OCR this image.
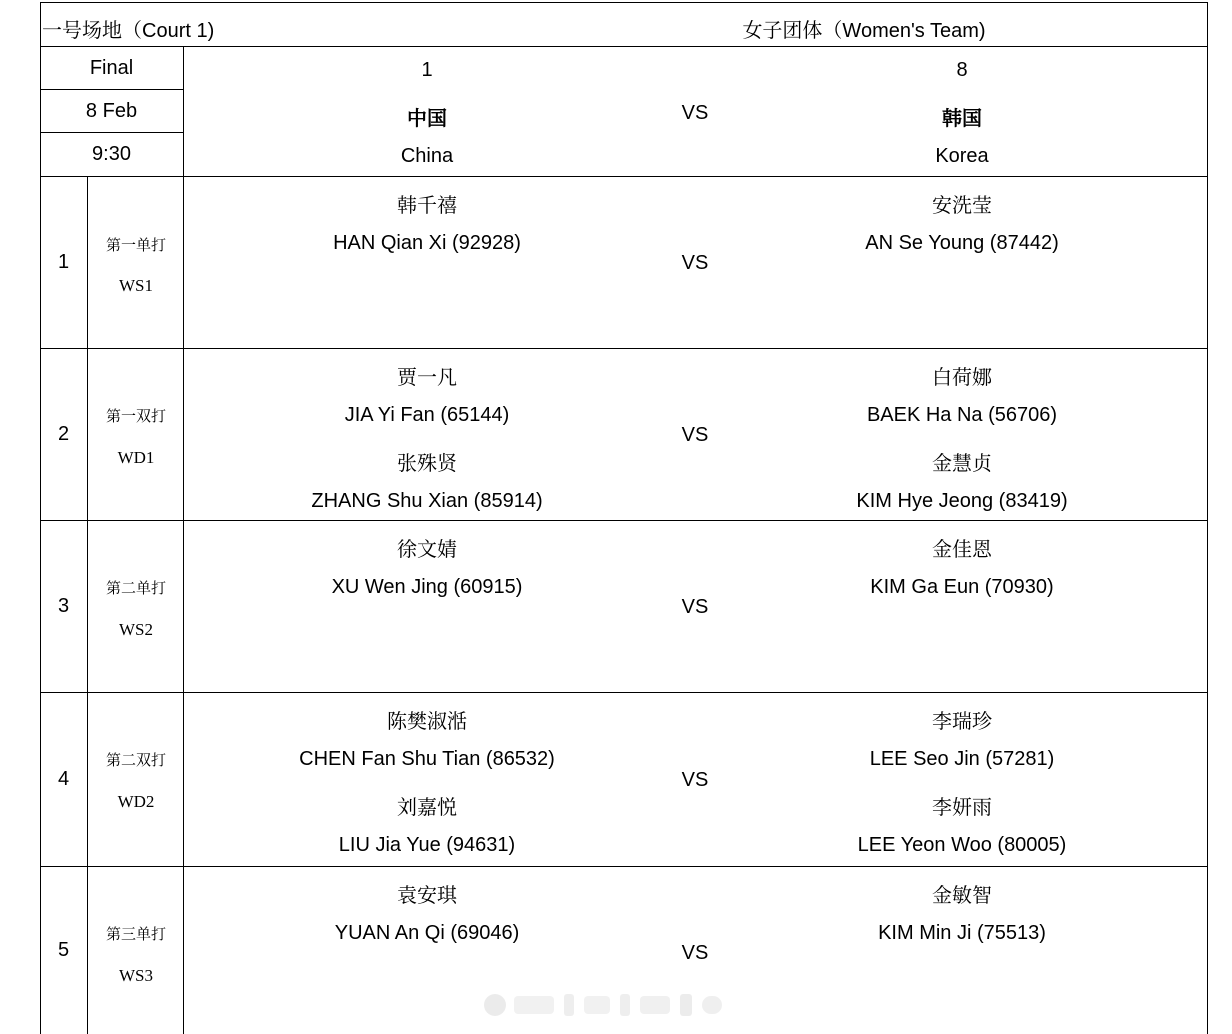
一号场地（Court 1)	女子团体（Women's Team)
Final
8 Feb
9:30
1
中国
China
VS
8
韩国
Korea
1
第一单打
WS1
韩千禧
HAN Qian Xi (92928)
安洗莹
AN Se Young (87442)
VS
2
第一双打
WD1
贾一凡
JIA Yi Fan (65144)
张殊贤
ZHANG Shu Xian (85914)
白荷娜
BAEK Ha Na (56706)
金慧贞
KIM Hye Jeong (83419)
VS
3
第二单打
WS2
徐文婧
XU Wen Jing (60915)
金佳恩
KIM Ga Eun (70930)
VS
4
第二双打
WD2
陈樊淑湉
CHEN Fan Shu Tian (86532)
刘嘉悦
LIU Jia Yue (94631)
李瑞珍
LEE Seo Jin (57281)
李妍雨
LEE Yeon Woo (80005)
VS
5
第三单打
WS3
袁安琪
YUAN An Qi (69046)
金敏智
KIM Min Ji (75513)
VS
